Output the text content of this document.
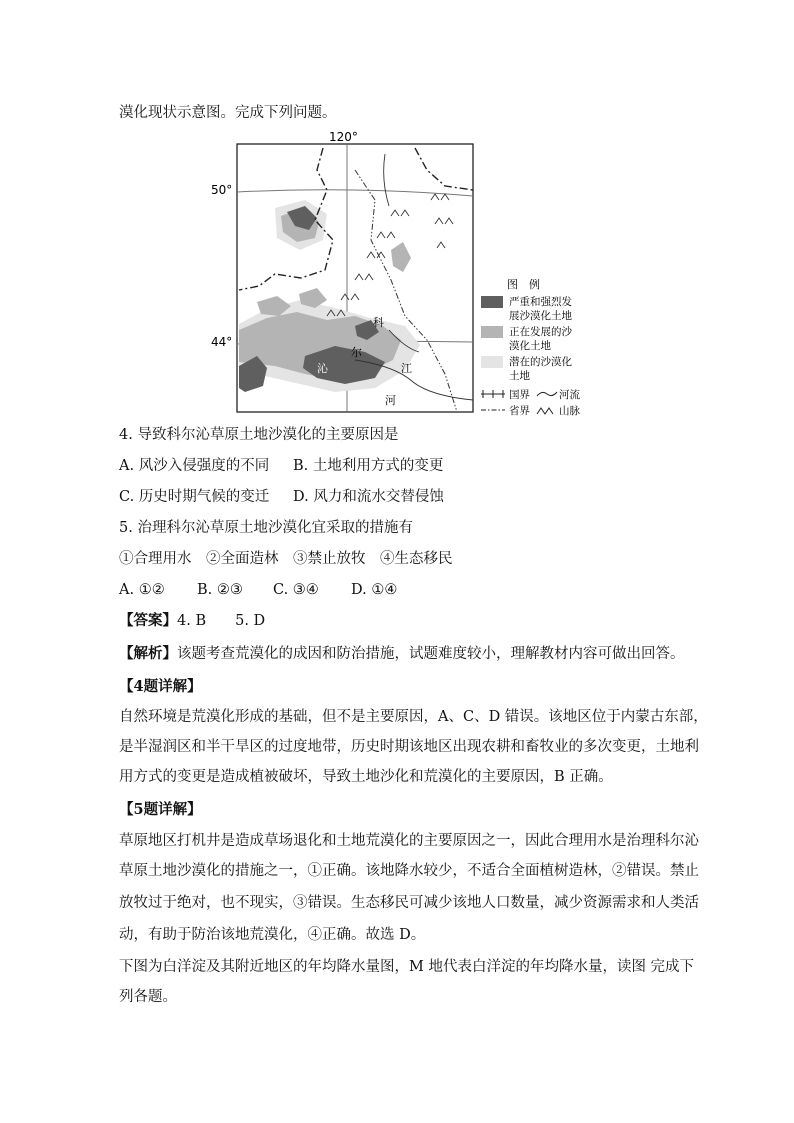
漠化现状示意图。完成下列问题。
120°
50°
44°
科
尔
沁	江
河
图　例
严重和强烈发
展沙漠化土地
正在发展的沙
漠化土地
潜在的沙漠化
土地
国界	河流
省界	山脉
4. 导致科尔沁草原土地沙漠化的主要原因是
A. 风沙入侵强度的不同 B. 土地利用方式的变更
C. 历史时期气候的变迁 D. 风力和流水交替侵蚀
5. 治理科尔沁草原土地沙漠化宜采取的措施有
①合理用水　②全面造林　③禁止放牧　④生态移民
A. ①② B. ②③ C. ③④ D. ①④
【答案】4. B　　5. D
【解析】该题考查荒漠化的成因和防治措施，试题难度较小，理解教材内容可做出回答。
【4题详解】
自然环境是荒漠化形成的基础，但不是主要原因，A、C、D 错误。该地区位于内蒙古东部，
是半湿润区和半干旱区的过度地带，历史时期该地区出现农耕和畜牧业的多次变更，土地利
用方式的变更是造成植被破坏，导致土地沙化和荒漠化的主要原因，B 正确。
【5题详解】
草原地区打机井是造成草场退化和土地荒漠化的主要原因之一，因此合理用水是治理科尔沁
草原土地沙漠化的措施之一，①正确。该地降水较少，不适合全面植树造林，②错误。禁止
放牧过于绝对，也不现实，③错误。生态移民可减少该地人口数量，减少资源需求和人类活
动，有助于防治该地荒漠化，④正确。故选 D。
下图为白洋淀及其附近地区的年均降水量图，M 地代表白洋淀的年均降水量，读图 完成下
列各题。
